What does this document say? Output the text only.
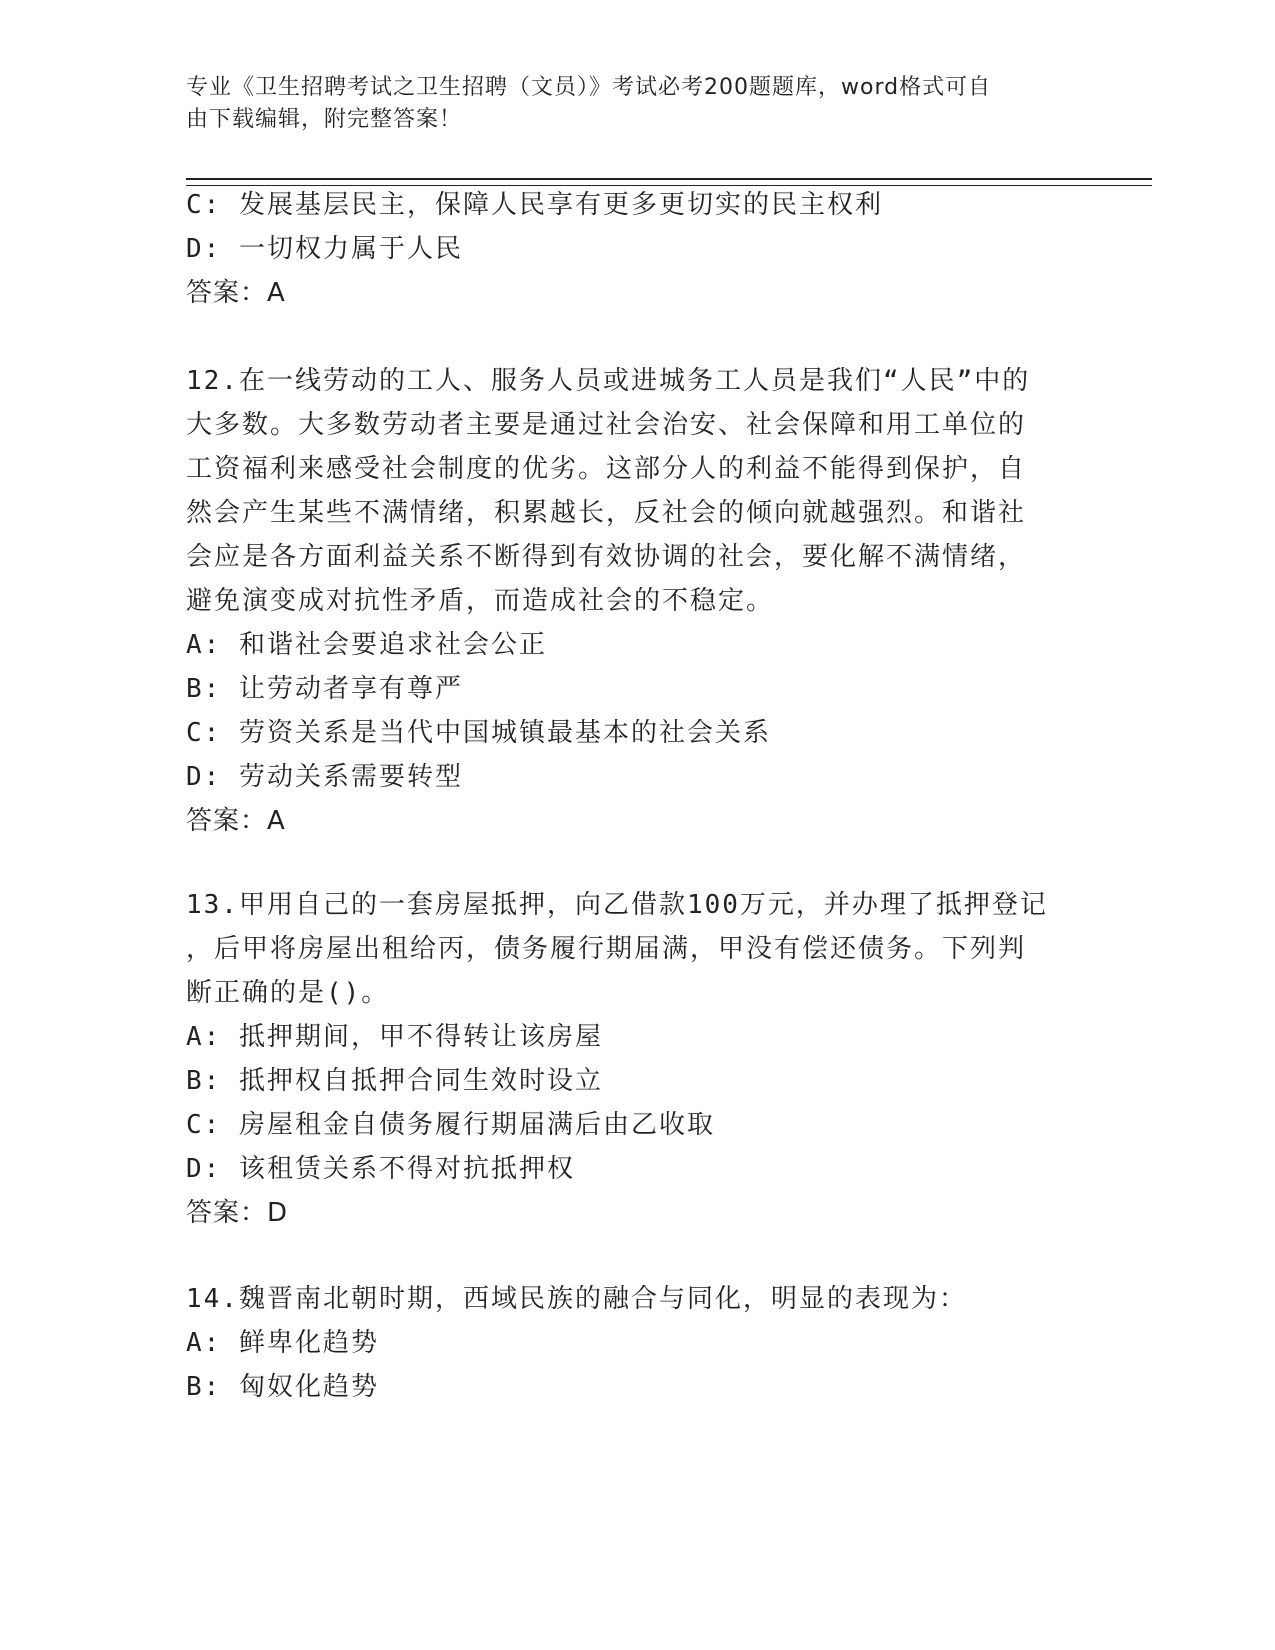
专业《卫生招聘考试之卫生招聘（文员）》考试必考200题题库，word格式可自
由下载编辑，附完整答案！
C: 发展基层民主，保障人民享有更多更切实的民主权利
D: 一切权力属于人民
答案：A
12.在一线劳动的工人、服务人员或进城务工人员是我们“人民”中的
大多数。大多数劳动者主要是通过社会治安、社会保障和用工单位的
工资福利来感受社会制度的优劣。这部分人的利益不能得到保护，自
然会产生某些不满情绪，积累越长，反社会的倾向就越强烈。和谐社
会应是各方面利益关系不断得到有效协调的社会，要化解不满情绪，
避免演变成对抗性矛盾，而造成社会的不稳定。
A: 和谐社会要追求社会公正
B: 让劳动者享有尊严
C: 劳资关系是当代中国城镇最基本的社会关系
D: 劳动关系需要转型
答案：A
13.甲用自己的一套房屋抵押，向乙借款100万元，并办理了抵押登记
，后甲将房屋出租给丙，债务履行期届满，甲没有偿还债务。下列判
断正确的是()。
A: 抵押期间，甲不得转让该房屋
B: 抵押权自抵押合同生效时设立
C: 房屋租金自债务履行期届满后由乙收取
D: 该租赁关系不得对抗抵押权
答案：D
14.魏晋南北朝时期，西域民族的融合与同化，明显的表现为：
A: 鲜卑化趋势
B: 匈奴化趋势
